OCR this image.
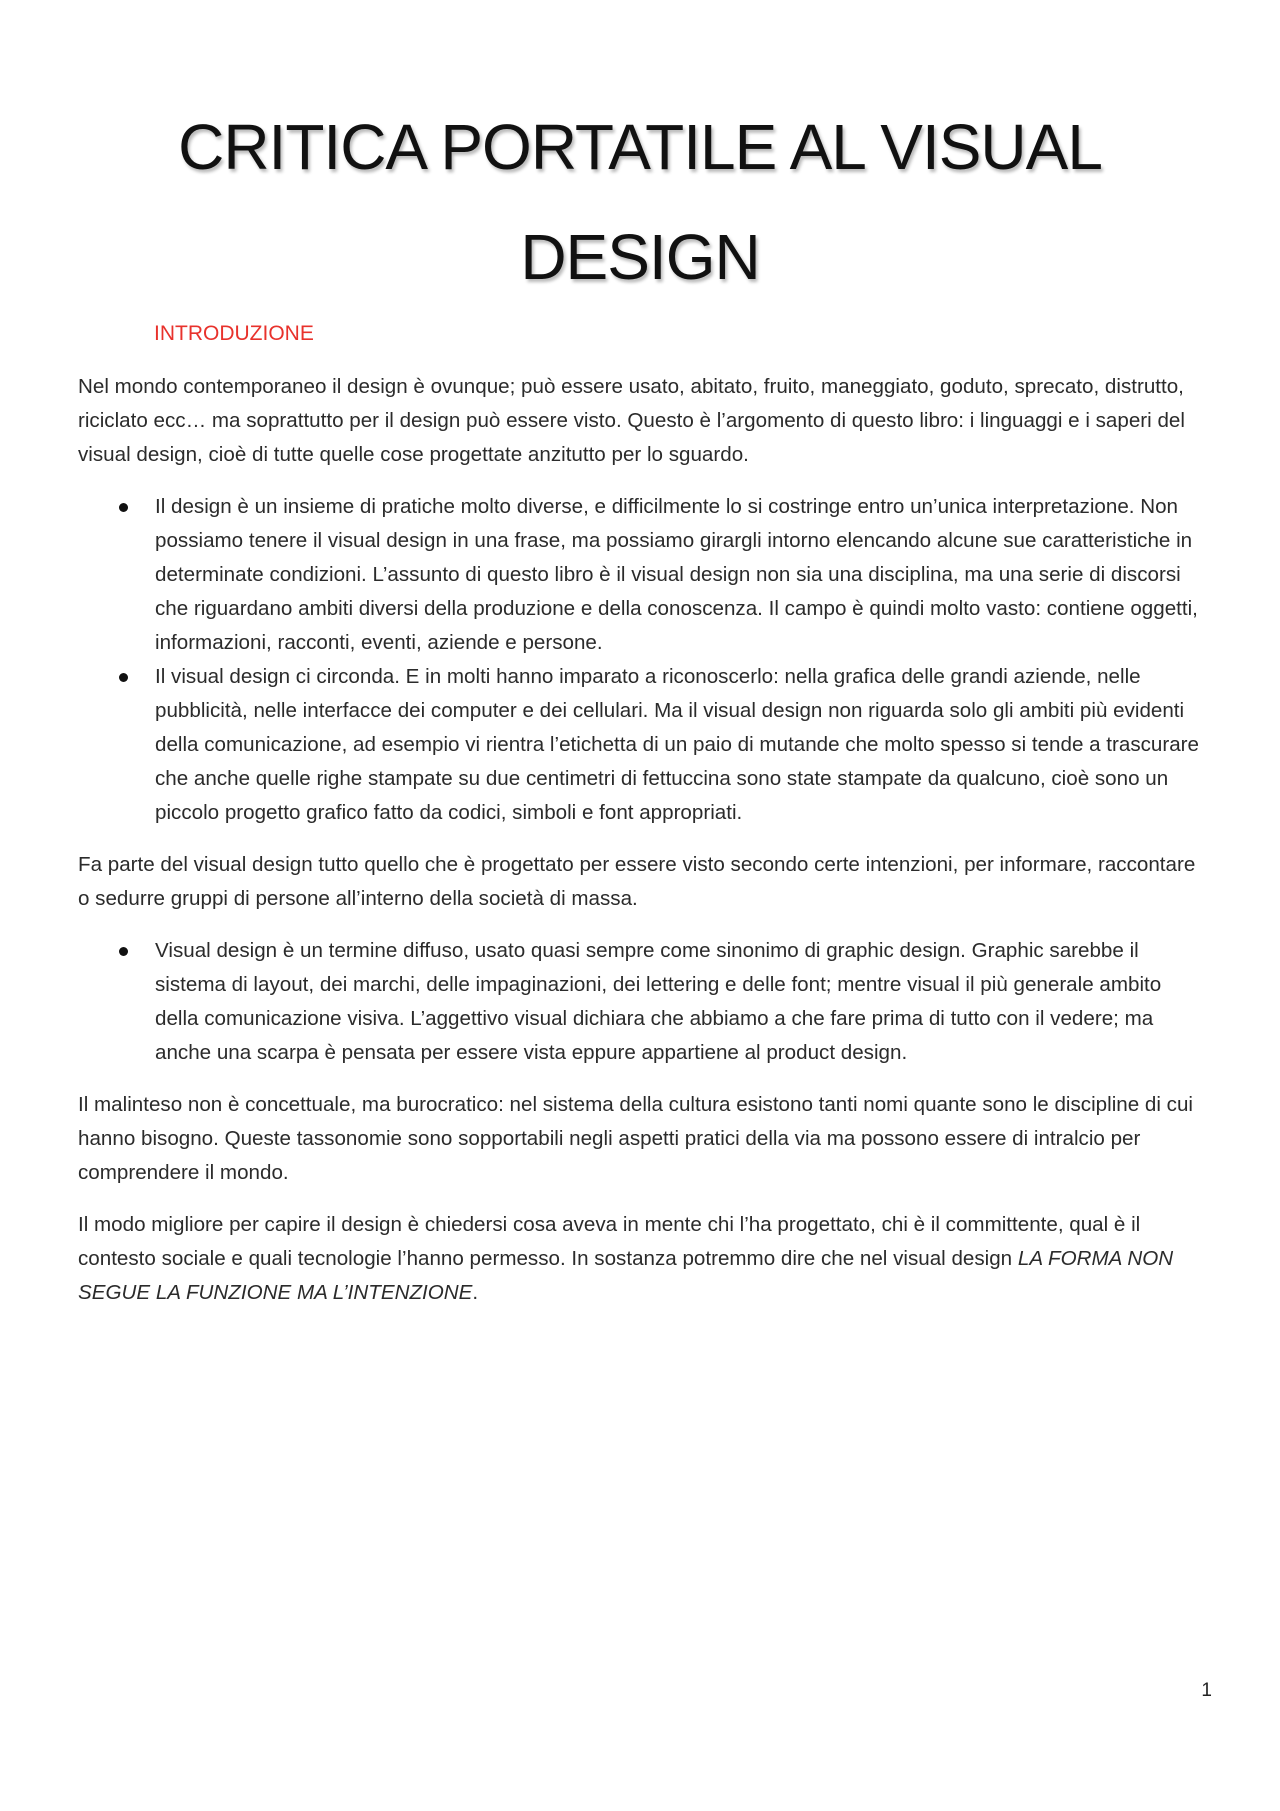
CRITICA PORTATILE AL VISUAL
DESIGN
INTRODUZIONE

Nel mondo contemporaneo il design è ovunque; può essere usato, abitato, fruito, maneggiato, goduto, sprecato, distrutto, riciclato ecc… ma soprattutto per il design può essere visto. Questo è l’argomento di questo libro: i linguaggi e i saperi del visual design, cioè di tutte quelle cose progettate anzitutto per lo sguardo.

Il design è un insieme di pratiche molto diverse, e difficilmente lo si costringe entro un’unica interpretazione. Non possiamo tenere il visual design in una frase, ma possiamo girargli intorno elencando alcune sue caratteristiche in determinate condizioni. L’assunto di questo libro è il visual design non sia una disciplina, ma una serie di discorsi che riguardano ambiti diversi della produzione e della conoscenza. Il campo è quindi molto vasto: contiene oggetti, informazioni, racconti, eventi, aziende e persone.
Il visual design ci circonda. E in molti hanno imparato a riconoscerlo: nella grafica delle grandi aziende, nelle pubblicità, nelle interfacce dei computer e dei cellulari. Ma il visual design non riguarda solo gli ambiti più evidenti della comunicazione, ad esempio vi rientra l’etichetta di un paio di mutande che molto spesso si tende a trascurare che anche quelle righe stampate su due centimetri di fettuccina sono state stampate da qualcuno, cioè sono un piccolo progetto grafico fatto da codici, simboli e font appropriati.

Fa parte del visual design tutto quello che è progettato per essere visto secondo certe intenzioni, per informare, raccontare o sedurre gruppi di persone all’interno della società di massa.

Visual design è un termine diffuso, usato quasi sempre come sinonimo di graphic design. Graphic sarebbe il sistema di layout, dei marchi, delle impaginazioni, dei lettering e delle font; mentre visual il più generale ambito della comunicazione visiva. L’aggettivo visual dichiara che abbiamo a che fare prima di tutto con il vedere; ma anche una scarpa è pensata per essere vista eppure appartiene al product design.

Il malinteso non è concettuale, ma burocratico: nel sistema della cultura esistono tanti nomi quante sono le discipline di cui hanno bisogno. Queste tassonomie sono sopportabili negli aspetti pratici della via ma possono essere di intralcio per comprendere il mondo.

Il modo migliore per capire il design è chiedersi cosa aveva in mente chi l’ha progettato, chi è il committente, qual è il contesto sociale e quali tecnologie l’hanno permesso. In sostanza potremmo dire che nel visual design LA FORMA NON SEGUE LA FUNZIONE MA L’INTENZIONE.

1
